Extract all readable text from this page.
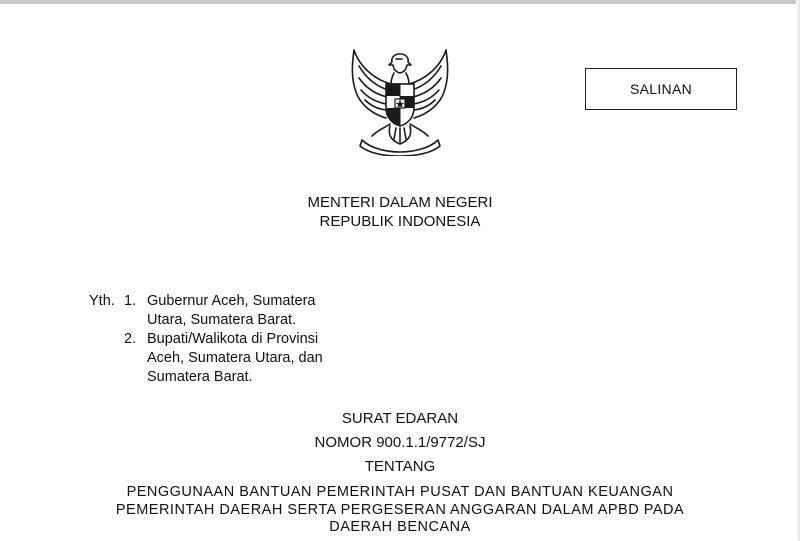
SALINAN
MENTERI DALAM NEGERI
REPUBLIK INDONESIA
Yth. 1. Gubernur Aceh, Sumatera
Utara, Sumatera Barat.
2. Bupati/Walikota di Provinsi
Aceh, Sumatera Utara, dan
Sumatera Barat.
SURAT EDARAN
NOMOR 900.1.1/9772/SJ
TENTANG
PENGGUNAAN BANTUAN PEMERINTAH PUSAT DAN BANTUAN KEUANGAN
PEMERINTAH DAERAH SERTA PERGESERAN ANGGARAN DALAM APBD PADA
DAERAH BENCANA
